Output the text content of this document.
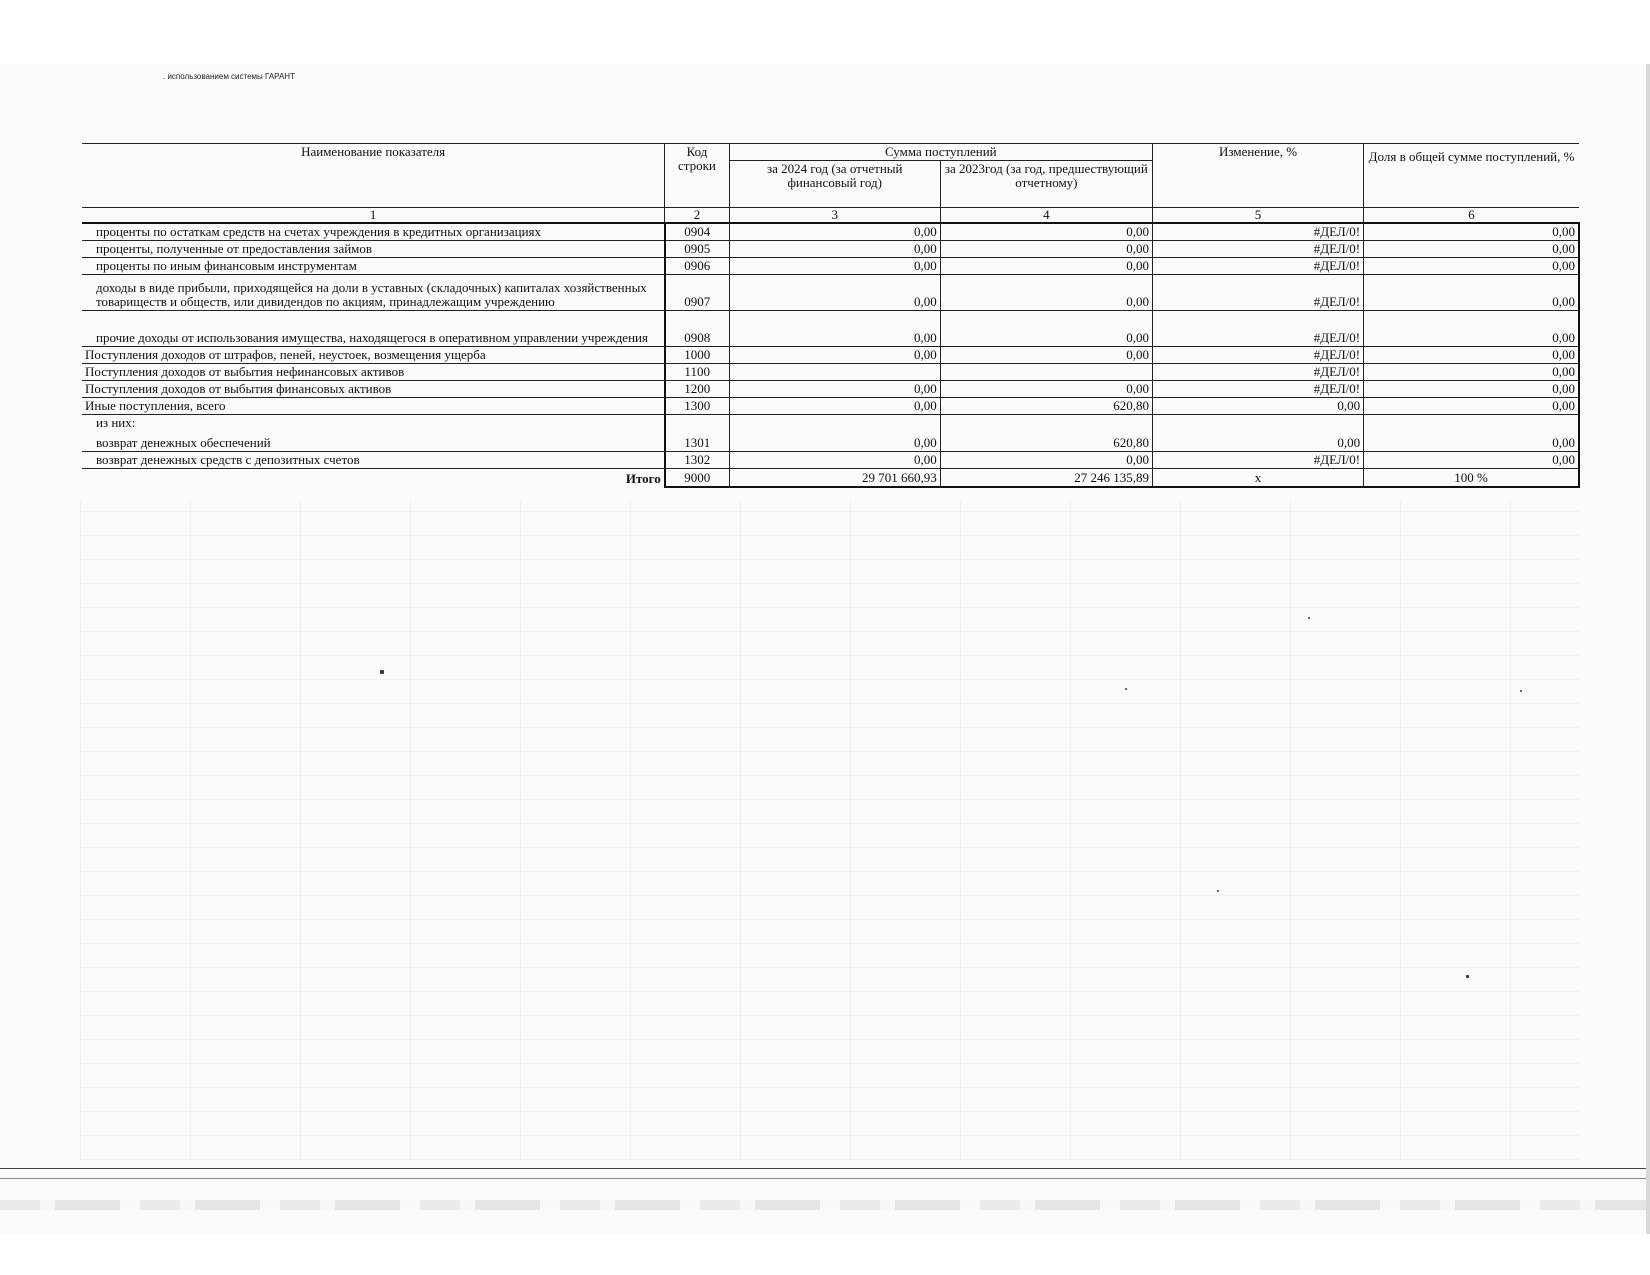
. использованием системы ГАРАНТ
Наименование показателя	Код строки	Сумма поступлений		Изменение, %	Доля в общей сумме поступлений, %
		за 2024 год (за отчетный финансовый год)	за 2023год (за год, предшествующий отчетному)		
1	2	3	4	5	6
проценты по остаткам средств на счетах учреждения в кредитных организациях	0904	0,00	0,00	#ДЕЛ/0!	0,00
проценты, полученные от предоставления займов	0905	0,00	0,00	#ДЕЛ/0!	0,00
проценты по иным финансовым инструментам	0906	0,00	0,00	#ДЕЛ/0!	0,00
доходы в виде прибыли, приходящейся на доли в уставных (складочных) капиталах хозяйственных товариществ и обществ, или дивидендов по акциям, принадлежащим учреждению	0907	0,00	0,00	#ДЕЛ/0!	0,00
прочие доходы от использования имущества, находящегося в оперативном управлении учреждения	0908	0,00	0,00	#ДЕЛ/0!	0,00
Поступления доходов от штрафов, пеней, неустоек, возмещения ущерба	1000	0,00	0,00	#ДЕЛ/0!	0,00
Поступления доходов от выбытия нефинансовых активов	1100			#ДЕЛ/0!	0,00
Поступления доходов от выбытия финансовых активов	1200	0,00	0,00	#ДЕЛ/0!	0,00
Иные поступления, всего	1300	0,00	620,80	0,00	0,00

из них:
возврат денежных обеспечений	1301	0,00	620,80	0,00	0,00
возврат денежных средств с депозитных счетов	1302	0,00	0,00	#ДЕЛ/0!	0,00
Итого	9000	29 701 660,93	27 246 135,89	х	100 %
